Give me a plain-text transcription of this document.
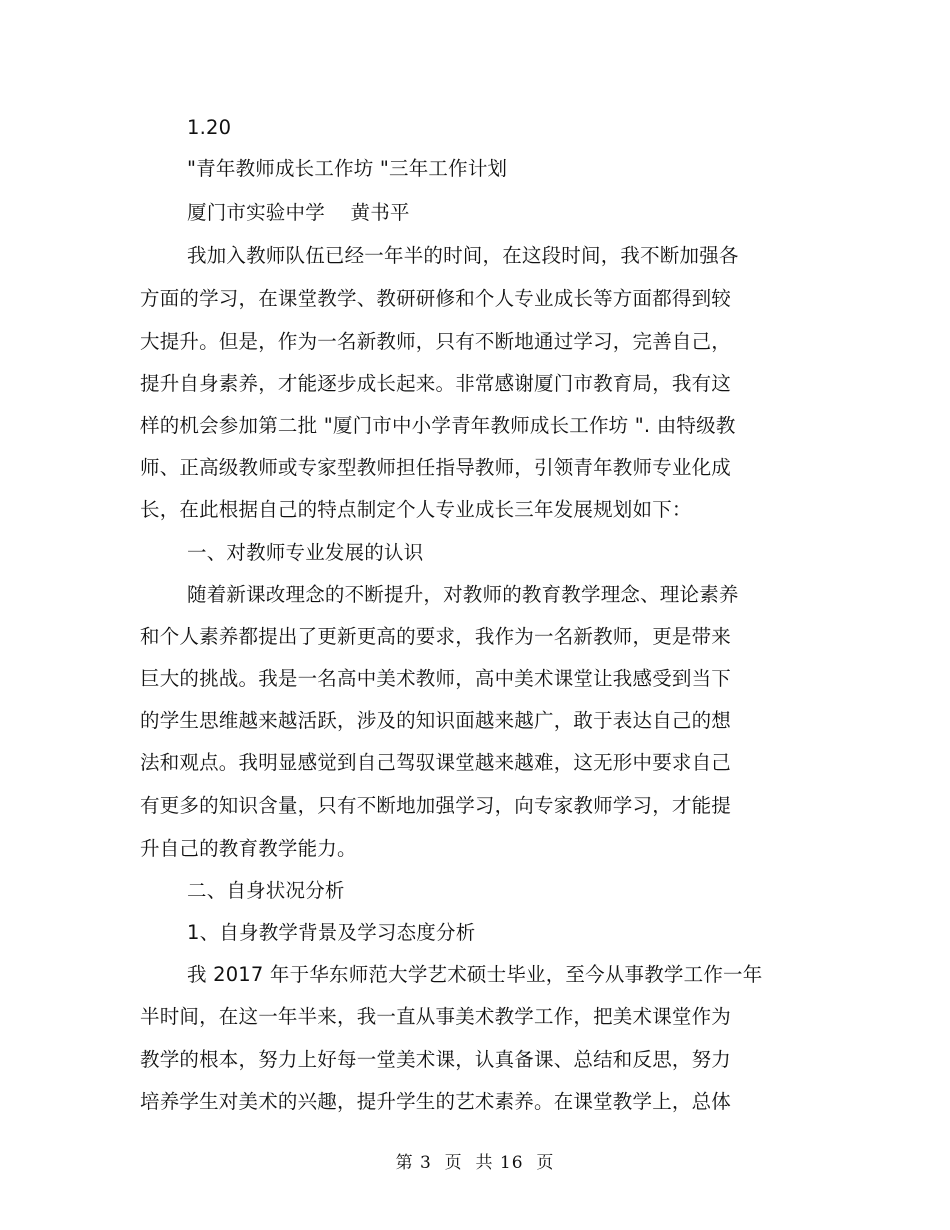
1.20
"青年教师成长工作坊 "三年工作计划
厦门市实验中学    黄书平
我加入教师队伍已经一年半的时间，在这段时间，我不断加强各
方面的学习，在课堂教学、教研研修和个人专业成长等方面都得到较
大提升。但是，作为一名新教师，只有不断地通过学习，完善自己，
提升自身素养，才能逐步成长起来。非常感谢厦门市教育局，我有这
样的机会参加第二批 "厦门市中小学青年教师成长工作坊 ". 由特级教
师、正高级教师或专家型教师担任指导教师，引领青年教师专业化成
长，在此根据自己的特点制定个人专业成长三年发展规划如下：
一、对教师专业发展的认识
随着新课改理念的不断提升，对教师的教育教学理念、理论素养
和个人素养都提出了更新更高的要求，我作为一名新教师，更是带来
巨大的挑战。我是一名高中美术教师，高中美术课堂让我感受到当下
的学生思维越来越活跃，涉及的知识面越来越广，敢于表达自己的想
法和观点。我明显感觉到自己驾驭课堂越来越难，这无形中要求自己
有更多的知识含量，只有不断地加强学习，向专家教师学习，才能提
升自己的教育教学能力。
二、自身状况分析
1、自身教学背景及学习态度分析
我 2017 年于华东师范大学艺术硕士毕业，至今从事教学工作一年
半时间，在这一年半来，我一直从事美术教学工作，把美术课堂作为
教学的根本，努力上好每一堂美术课，认真备课、总结和反思，努力
培养学生对美术的兴趣，提升学生的艺术素养。在课堂教学上，总体
第 3  页  共 16  页
